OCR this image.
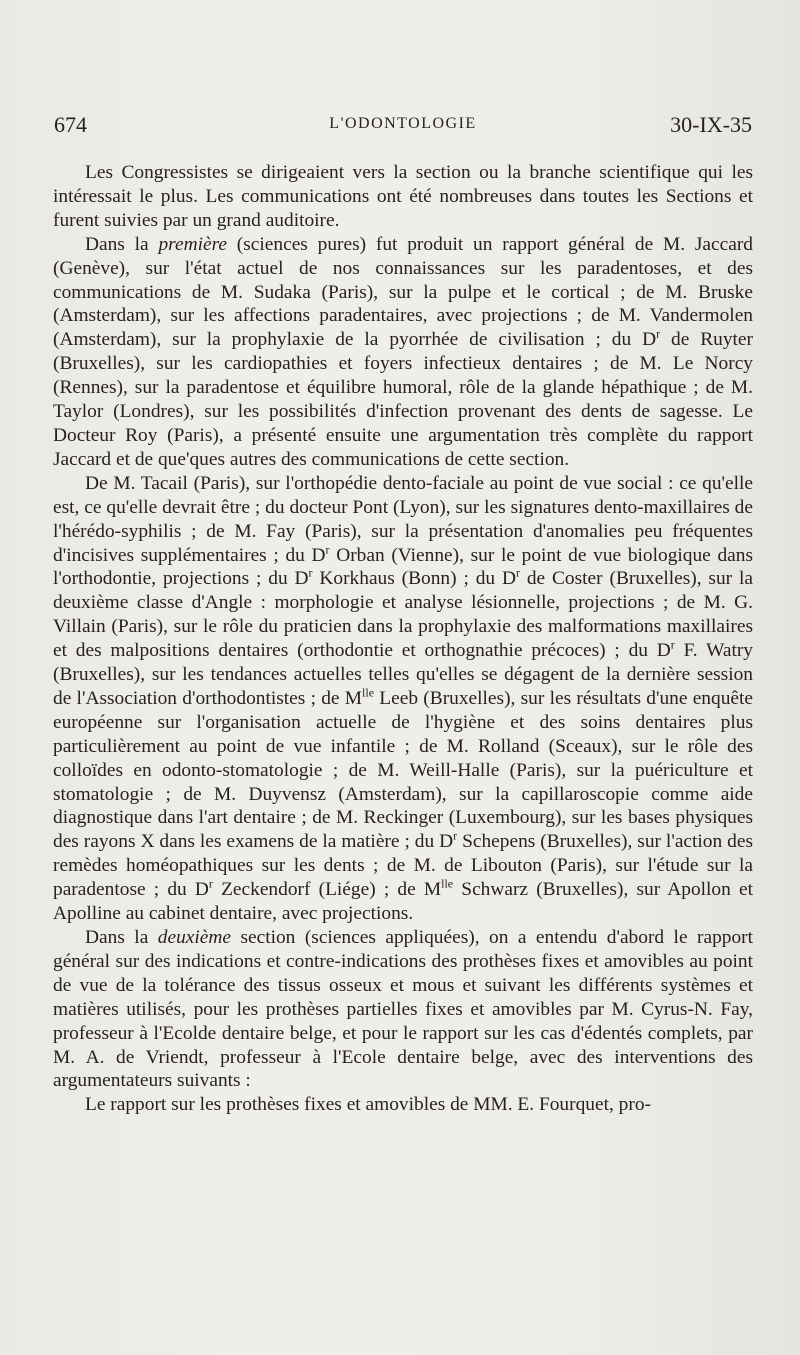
674	L'ODONTOLOGIE	30-IX-35

Les Congressistes se dirigeaient vers la section ou la branche scientifique qui les intéressait le plus. Les communications ont été nombreuses dans toutes les Sections et furent suivies par un grand auditoire.

Dans la première (sciences pures) fut produit un rapport général de M. Jaccard (Genève), sur l'état actuel de nos connaissances sur les paradentoses, et des communications de M. Sudaka (Paris), sur la pulpe et le cortical ; de M. Bruske (Amsterdam), sur les affections paradentaires, avec projections ; de M. Vandermolen (Amsterdam), sur la prophylaxie de la pyorrhée de civilisation ; du $D^r$ de Ruyter (Bruxelles), sur les cardiopathies et foyers infectieux dentaires ; de M. Le Norcy (Rennes), sur la paradentose et équilibre humoral, rôle de la glande hépathique ; de M. Taylor (Londres), sur les possibilités d'infection provenant des dents de sagesse. Le Docteur Roy (Paris), a présenté ensuite une argumentation très complète du rapport Jaccard et de que'ques autres des communications de cette section.

De M. Tacail (Paris), sur l'orthopédie dento-faciale au point de vue social : ce qu'elle est, ce qu'elle devrait être ; du docteur Pont (Lyon), sur les signatures dento-maxillaires de l'hérédo-syphilis ; de M. Fay (Paris), sur la présentation d'anomalies peu fréquentes d'incisives supplémentaires ; du $D^r$ Orban (Vienne), sur le point de vue biologique dans l'orthodontie, projections ; du $D^r$ Korkhaus (Bonn) ; du $D^r$ de Coster (Bruxelles), sur la deuxième classe d'Angle : morphologie et analyse lésionnelle, projections ; de M. G. Villain (Paris), sur le rôle du praticien dans la prophylaxie des malformations maxillaires et des malpositions dentaires (orthodontie et orthognathie précoces) ; du $D^r$ F. Watry (Bruxelles), sur les tendances actuelles telles qu'elles se dégagent de la dernière session de l'Association d'orthodontistes ; de $M^{lle}$ Leeb (Bruxelles), sur les résultats d'une enquête européenne sur l'organisation actuelle de l'hygiène et des soins dentaires plus particulièrement au point de vue infantile ; de M. Rolland (Sceaux), sur le rôle des colloïdes en odonto-stomatologie ; de M. Weill-Halle (Paris), sur la puériculture et stomatologie ; de M. Duyvensz (Amsterdam), sur la capillaroscopie comme aide diagnostique dans l'art dentaire ; de M. Reckinger (Luxembourg), sur les bases physiques des rayons X dans les examens de la matière ; du $D^r$ Schepens (Bruxelles), sur l'action des remèdes homéopathiques sur les dents ; de M. de Libouton (Paris), sur l'étude sur la paradentose ; du $D^r$ Zeckendorf (Liége) ; de $M^{lle}$ Schwarz (Bruxelles), sur Apollon et Apolline au cabinet dentaire, avec projections.

Dans la deuxième section (sciences appliquées), on a entendu d'abord le rapport général sur des indications et contre-indications des prothèses fixes et amovibles au point de vue de la tolérance des tissus osseux et mous et suivant les différents systèmes et matières utilisés, pour les prothèses partielles fixes et amovibles par M. Cyrus-N. Fay, professeur à l'Ecolde dentaire belge, et pour le rapport sur les cas d'édentés complets, par M. A. de Vriendt, professeur à l'Ecole dentaire belge, avec des interventions des argumentateurs suivants :

Le rapport sur les prothèses fixes et amovibles de MM. E. Fourquet, pro-
